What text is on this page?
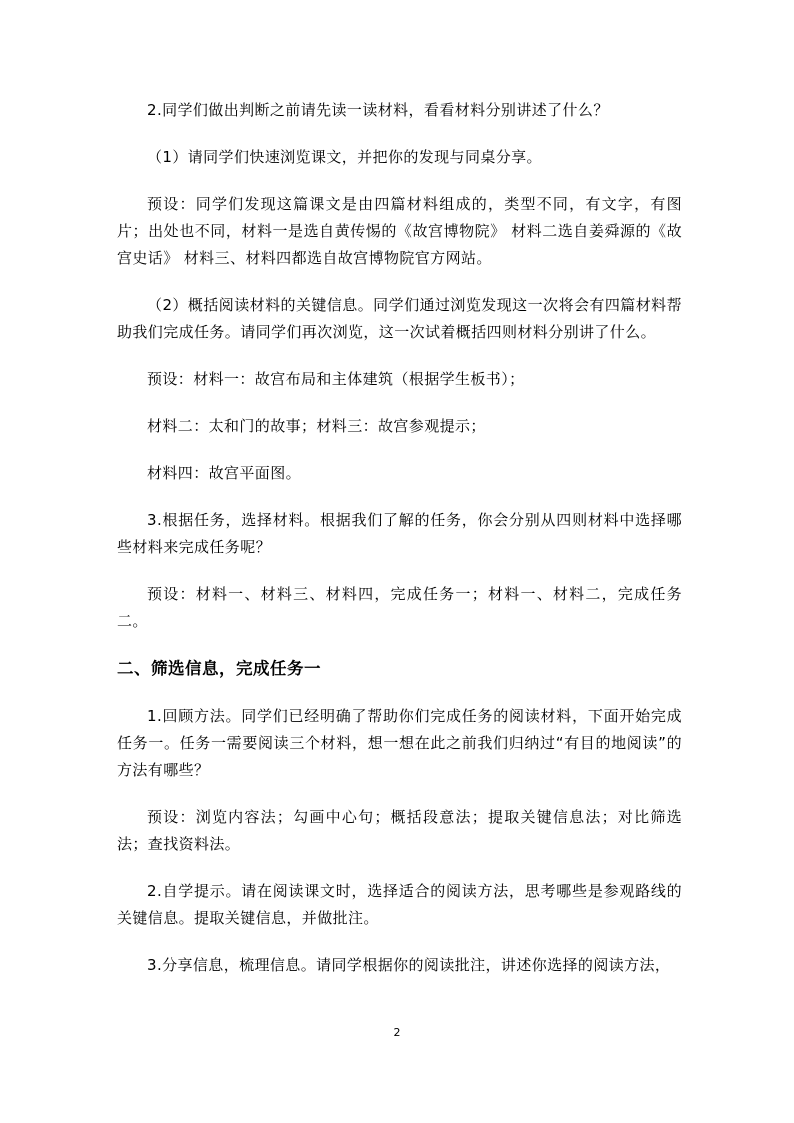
2.同学们做出判断之前请先读一读材料，看看材料分别讲述了什么？

（1）请同学们快速浏览课文，并把你的发现与同桌分享。

预设：同学们发现这篇课文是由四篇材料组成的，类型不同，有文字，有图片；出处也不同，材料一是选自黄传惕的《故宫博物院》 材料二选自姜舜源的《故宫史话》 材料三、材料四都选自故宫博物院官方网站。

（2）概括阅读材料的关键信息。同学们通过浏览发现这一次将会有四篇材料帮助我们完成任务。请同学们再次浏览，这一次试着概括四则材料分别讲了什么。

预设：材料一：故宫布局和主体建筑（根据学生板书）；

材料二：太和门的故事；材料三：故宫参观提示；

材料四：故宫平面图。

3.根据任务，选择材料。根据我们了解的任务，你会分别从四则材料中选择哪些材料来完成任务呢？

预设：材料一、材料三、材料四，完成任务一；材料一、材料二，完成任务二。

二、筛选信息，完成任务一

1.回顾方法。同学们已经明确了帮助你们完成任务的阅读材料，下面开始完成任务一。任务一需要阅读三个材料，想一想在此之前我们归纳过“有目的地阅读”的方法有哪些？

预设：浏览内容法；勾画中心句；概括段意法；提取关键信息法；对比筛选法；查找资料法。

2.自学提示。请在阅读课文时，选择适合的阅读方法，思考哪些是参观路线的关键信息。提取关键信息，并做批注。

3.分享信息，梳理信息。请同学根据你的阅读批注，讲述你选择的阅读方法，

2
